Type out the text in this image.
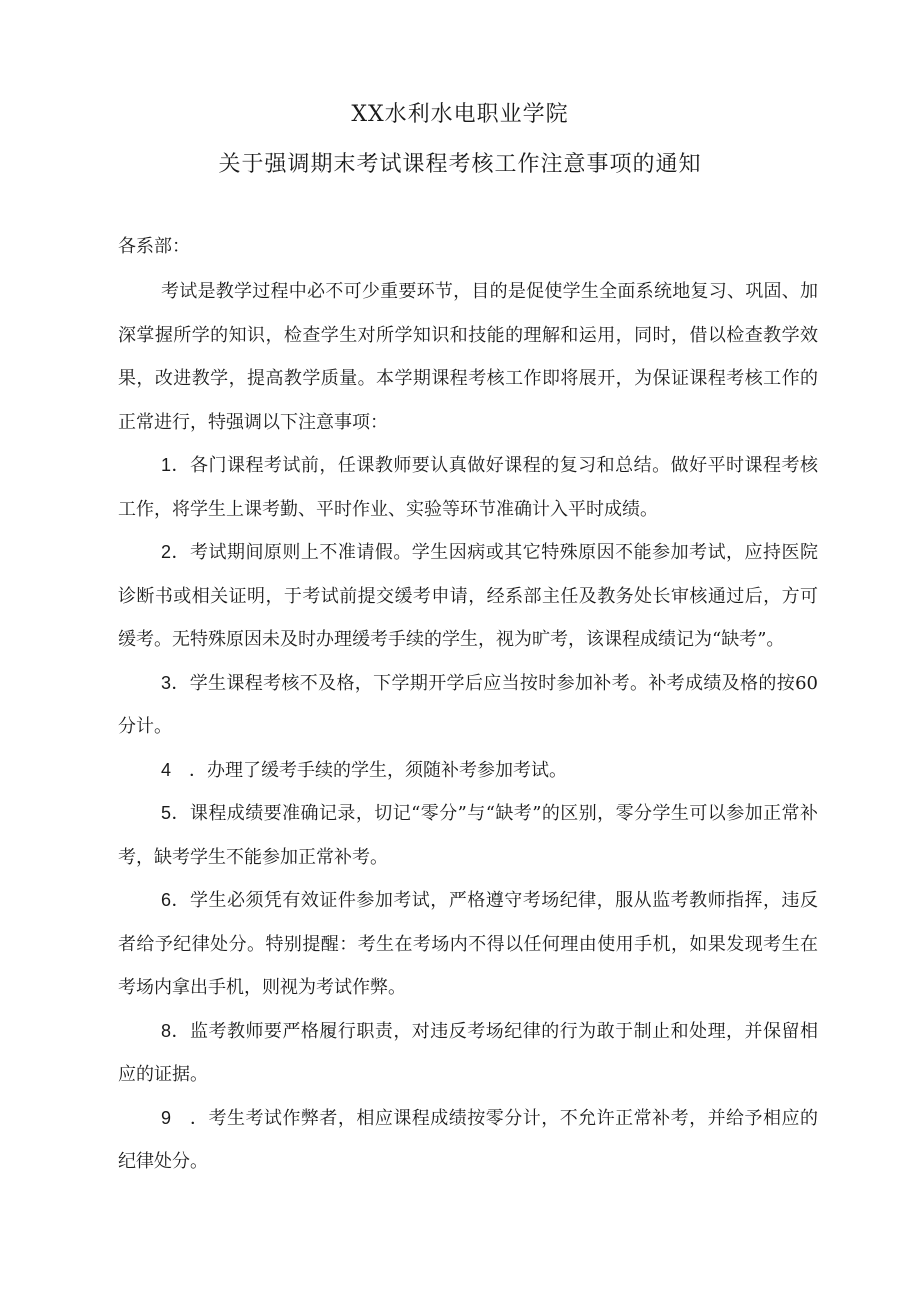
XX水利水电职业学院
关于强调期末考试课程考核工作注意事项的通知
各系部：

考试是教学过程中必不可少重要环节，目的是促使学生全面系统地复习、巩固、加深掌握所学的知识，检查学生对所学知识和技能的理解和运用，同时，借以检查教学效果，改进教学，提高教学质量。本学期课程考核工作即将展开，为保证课程考核工作的正常进行，特强调以下注意事项：

1．各门课程考试前，任课教师要认真做好课程的复习和总结。做好平时课程考核工作，将学生上课考勤、平时作业、实验等环节准确计入平时成绩。

2．考试期间原则上不准请假。学生因病或其它特殊原因不能参加考试，应持医院诊断书或相关证明，于考试前提交缓考申请，经系部主任及教务处长审核通过后，方可缓考。无特殊原因未及时办理缓考手续的学生，视为旷考，该课程成绩记为“缺考”。

3．学生课程考核不及格，下学期开学后应当按时参加补考。补考成绩及格的按60分计。

4　．办理了缓考手续的学生，须随补考参加考试。

5．课程成绩要准确记录，切记“零分”与“缺考”的区别，零分学生可以参加正常补考，缺考学生不能参加正常补考。

6．学生必须凭有效证件参加考试，严格遵守考场纪律，服从监考教师指挥，违反者给予纪律处分。特别提醒：考生在考场内不得以任何理由使用手机，如果发现考生在考场内拿出手机，则视为考试作弊。

8．监考教师要严格履行职责，对违反考场纪律的行为敢于制止和处理，并保留相应的证据。

9　．考生考试作弊者，相应课程成绩按零分计，不允许正常补考，并给予相应的纪律处分。
